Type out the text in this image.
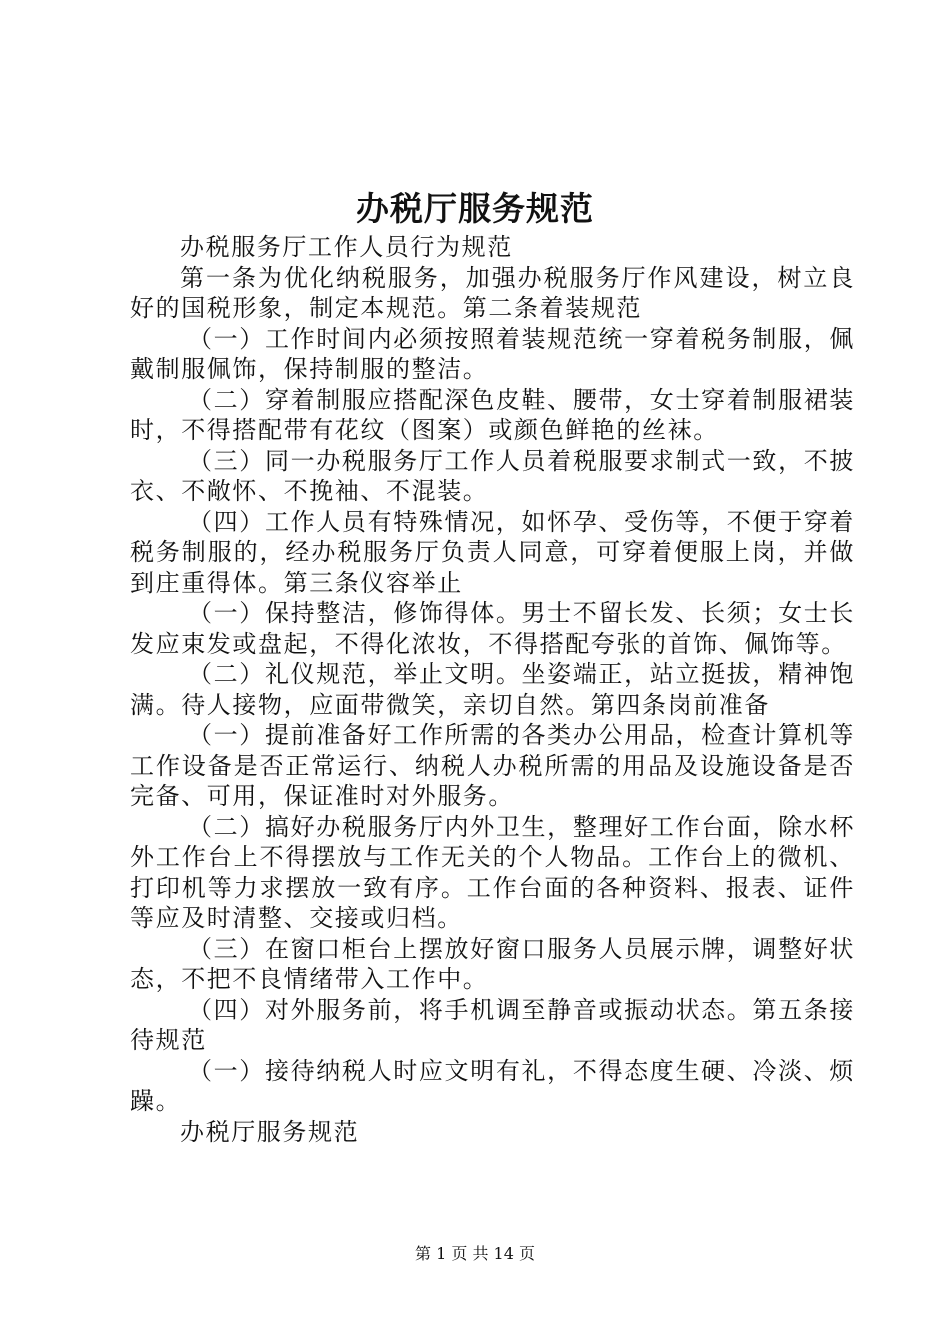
办税厅服务规范

办税服务厅工作人员行为规范

第一条为优化纳税服务，加强办税服务厅作风建设，树立良好的国税形象，制定本规范。第二条着装规范

（一）工作时间内必须按照着装规范统一穿着税务制服，佩戴制服佩饰，保持制服的整洁。

（二）穿着制服应搭配深色皮鞋、腰带，女士穿着制服裙装时，不得搭配带有花纹（图案）或颜色鲜艳的丝袜。

（三）同一办税服务厅工作人员着税服要求制式一致，不披衣、不敞怀、不挽袖、不混装。

（四）工作人员有特殊情况，如怀孕、受伤等，不便于穿着税务制服的，经办税服务厅负责人同意，可穿着便服上岗，并做到庄重得体。第三条仪容举止

（一）保持整洁，修饰得体。男士不留长发、长须；女士长发应束发或盘起，不得化浓妆，不得搭配夸张的首饰、佩饰等。

（二）礼仪规范，举止文明。坐姿端正，站立挺拔，精神饱满。待人接物，应面带微笑，亲切自然。第四条岗前准备

（一）提前准备好工作所需的各类办公用品，检查计算机等工作设备是否正常运行、纳税人办税所需的用品及设施设备是否完备、可用，保证准时对外服务。

（二）搞好办税服务厅内外卫生，整理好工作台面，除水杯外工作台上不得摆放与工作无关的个人物品。工作台上的微机、打印机等力求摆放一致有序。工作台面的各种资料、报表、证件等应及时清整、交接或归档。

（三）在窗口柜台上摆放好窗口服务人员展示牌，调整好状态，不把不良情绪带入工作中。

（四）对外服务前，将手机调至静音或振动状态。第五条接待规范

（一）接待纳税人时应文明有礼，不得态度生硬、冷淡、烦躁。

办税厅服务规范

第 1 页 共 14 页
